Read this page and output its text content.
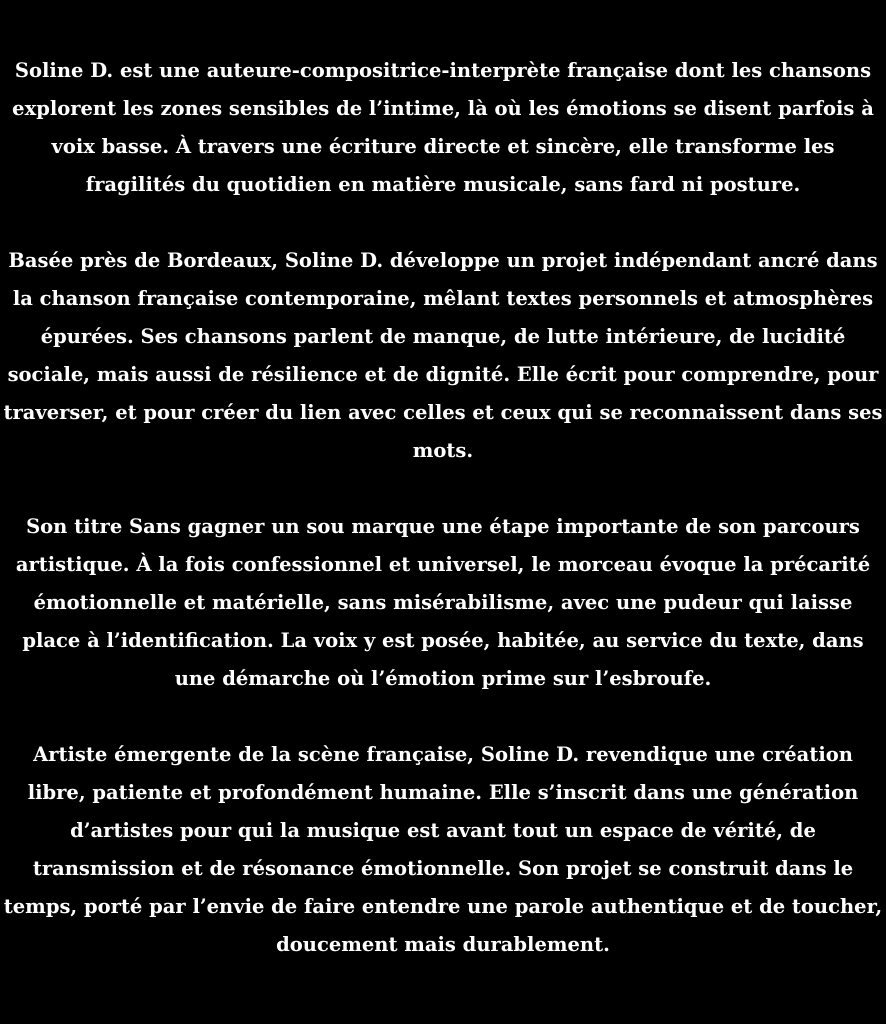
Soline D. est une auteure-compositrice-interprète française dont les chansons explorent les zones sensibles de l’intime, là où les émotions se disent parfois à voix basse. À travers une écriture directe et sincère, elle transforme les fragilités du quotidien en matière musicale, sans fard ni posture.

Basée près de Bordeaux, Soline D. développe un projet indépendant ancré dans la chanson française contemporaine, mêlant textes personnels et atmosphères épurées. Ses chansons parlent de manque, de lutte intérieure, de lucidité sociale, mais aussi de résilience et de dignité. Elle écrit pour comprendre, pour traverser, et pour créer du lien avec celles et ceux qui se reconnaissent dans ses mots.

Son titre Sans gagner un sou marque une étape importante de son parcours artistique. À la fois confessionnel et universel, le morceau évoque la précarité émotionnelle et matérielle, sans misérabilisme, avec une pudeur qui laisse place à l’identification. La voix y est posée, habitée, au service du texte, dans une démarche où l’émotion prime sur l’esbroufe.

Artiste émergente de la scène française, Soline D. revendique une création libre, patiente et profondément humaine. Elle s’inscrit dans une génération d’artistes pour qui la musique est avant tout un espace de vérité, de transmission et de résonance émotionnelle. Son projet se construit dans le temps, porté par l’envie de faire entendre une parole authentique et de toucher, doucement mais durablement.
